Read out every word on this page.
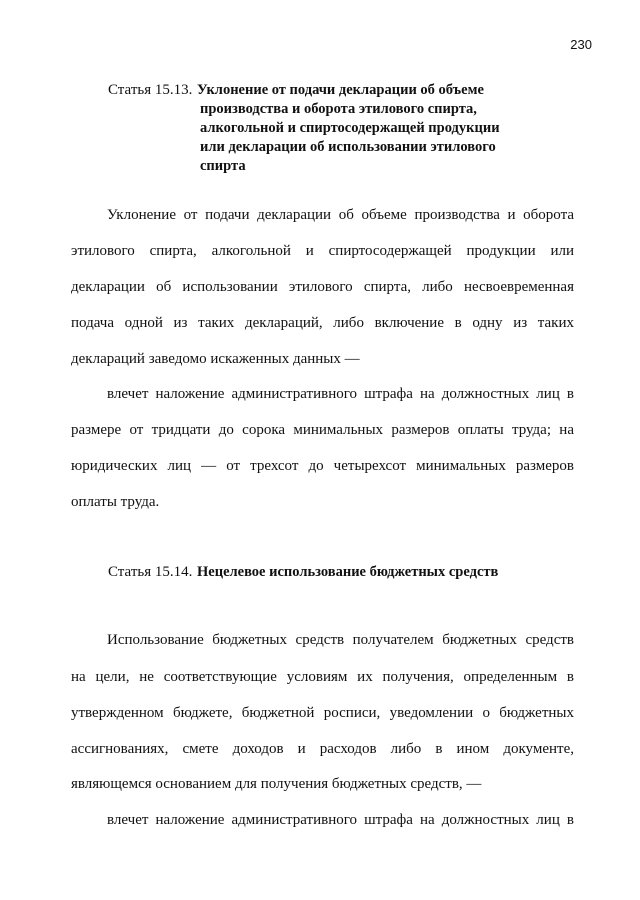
230
Статья 15.13. Уклонение от подачи декларации об объеме
производства и оборота этилового спирта,
алкогольной и спиртосодержащей продукции
или декларации об использовании этилового
спирта
Уклонение от подачи декларации об объеме производства и оборота
этилового спирта, алкогольной и спиртосодержащей продукции или
декларации об использовании этилового спирта, либо несвоевременная
подача одной из таких деклараций, либо включение в одну из таких
деклараций заведомо искаженных данных —
влечет наложение административного штрафа на должностных лиц в
размере от тридцати до сорока минимальных размеров оплаты труда; на
юридических лиц — от трехсот до четырехсот минимальных размеров
оплаты труда.
Статья 15.14. Нецелевое использование бюджетных средств
Использование бюджетных средств получателем бюджетных средств
на цели, не соответствующие условиям их получения, определенным в
утвержденном бюджете, бюджетной росписи, уведомлении о бюджетных
ассигнованиях, смете доходов и расходов либо в ином документе,
являющемся основанием для получения бюджетных средств, —
влечет наложение административного штрафа на должностных лиц в
